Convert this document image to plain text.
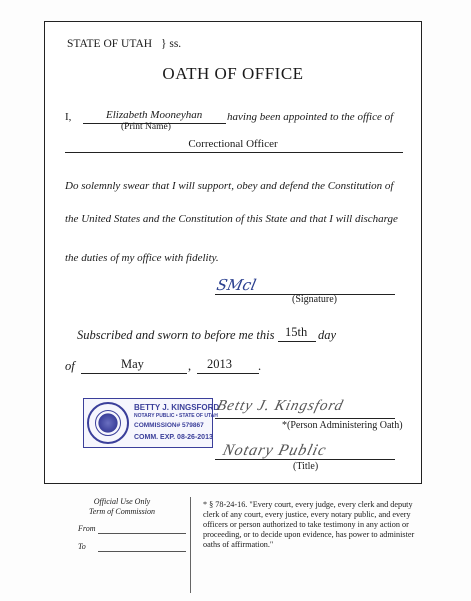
STATE OF UTAH } ss.
OATH OF OFFICE
I,	Elizabeth Mooneyhan having been appointed to the office of
(Print Name)
Correctional Officer
Do solemnly swear that I will support, obey and defend the Constitution of
the United States and the Constitution of this State and that I will discharge
the duties of my office with fidelity.
SMcl
(Signature)
Subscribed and sworn to before me this 15th day
of	May	, 2013 .
BETTY J. KINGSFORD
NOTARY PUBLIC • STATE OF UTAH
COMMISSION# 579867
COMM. EXP. 08-26-2013
Betty J. Kingsford
*(Person Administering Oath)
Notary Public
(Title)
Official Use Only
Term of Commission
From
To
* § 78-24-16. "Every court, every judge, every clerk and deputy clerk of any court, every justice, every notary public, and every officers or person authorized to take testimony in any action or proceeding, or to decide upon evidence, has power to administer oaths of affirmation."
